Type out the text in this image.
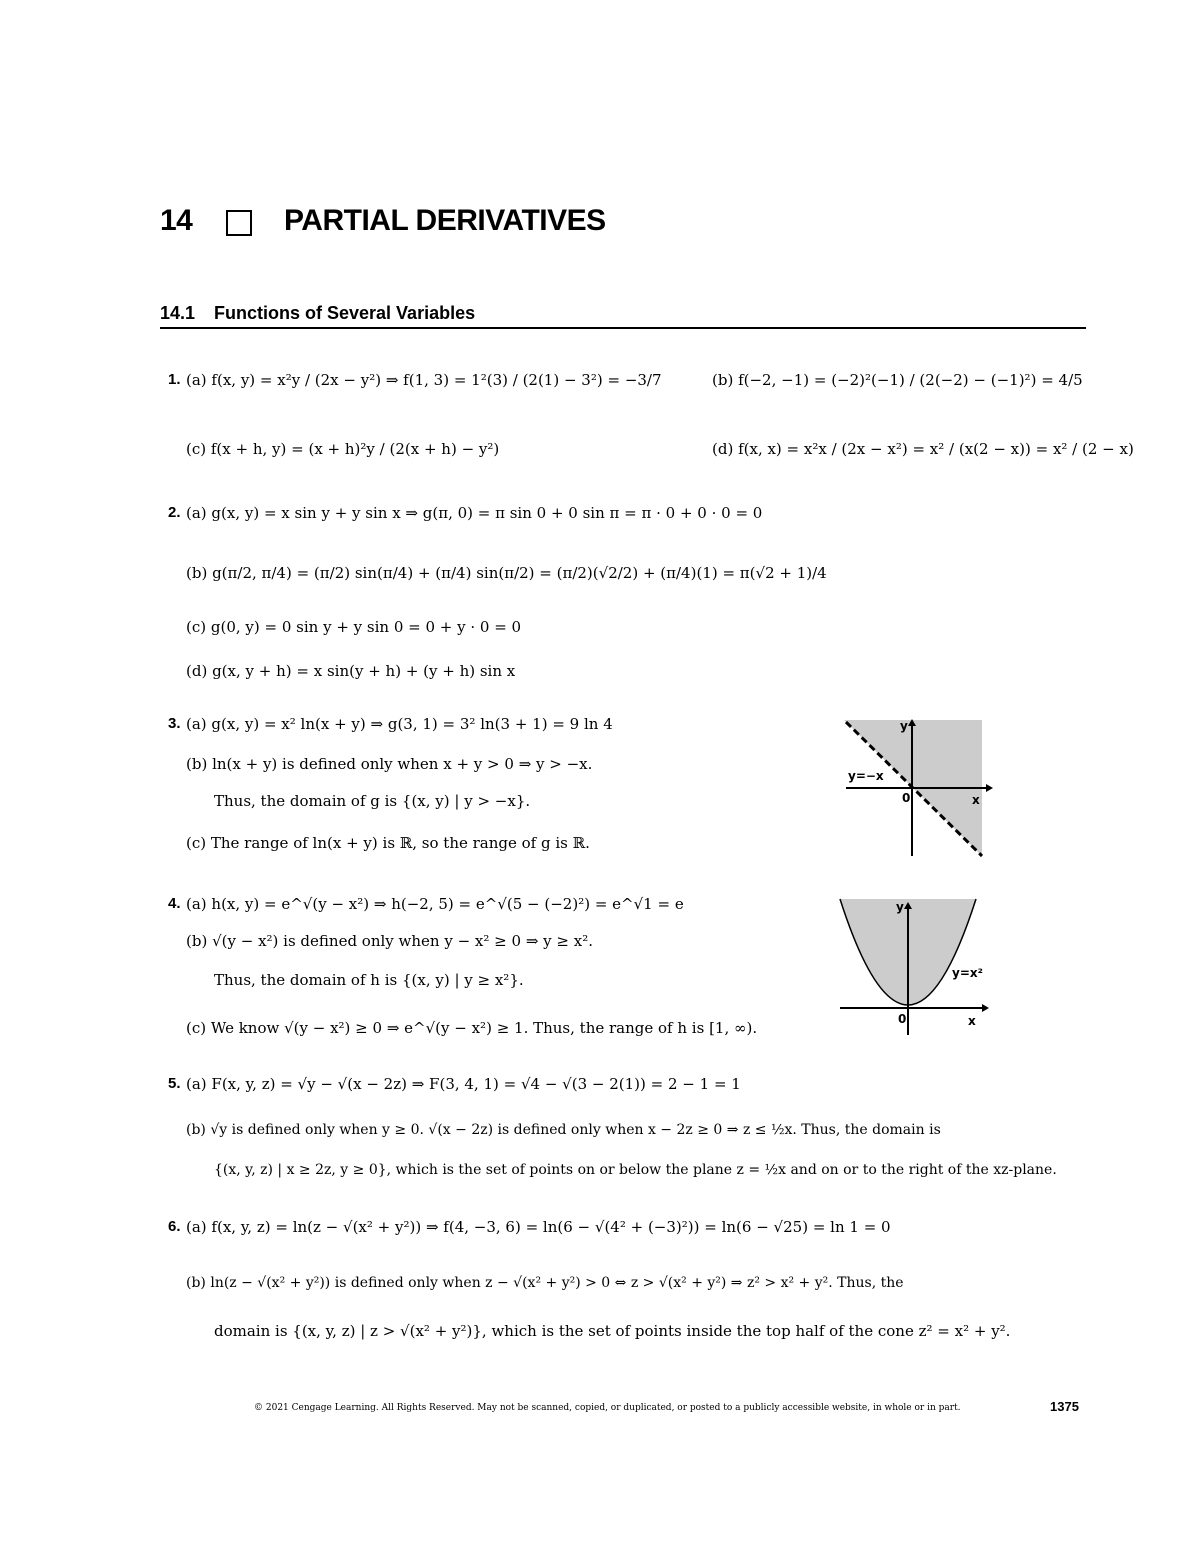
14	PARTIAL DERIVATIVES
14.1 Functions of Several Variables
1. (a) f(x, y) = x²y / (2x − y²) ⇒ f(1, 3) = 1²(3) / (2(1) − 3²) = −3/7	(b) f(−2, −1) = (−2)²(−1) / (2(−2) − (−1)²) = 4/5
(c) f(x + h, y) = (x + h)²y / (2(x + h) − y²)	(d) f(x, x) = x²x / (2x − x²) = x² / (x(2 − x)) = x² / (2 − x)
2. (a) g(x, y) = x sin y + y sin x ⇒ g(π, 0) = π sin 0 + 0 sin π = π · 0 + 0 · 0 = 0
(b) g(π/2, π/4) = (π/2) sin(π/4) + (π/4) sin(π/2) = (π/2)(√2/2) + (π/4)(1) = π(√2 + 1)/4
(c) g(0, y) = 0 sin y + y sin 0 = 0 + y · 0 = 0
(d) g(x, y + h) = x sin(y + h) + (y + h) sin x
3. (a) g(x, y) = x² ln(x + y) ⇒ g(3, 1) = 3² ln(3 + 1) = 9 ln 4
(b) ln(x + y) is defined only when x + y > 0 ⇒ y > −x.
Thus, the domain of g is {(x, y) | y > −x}.
(c) The range of ln(x + y) is ℝ, so the range of g is ℝ.
y
x
0
y=−x
4. (a) h(x, y) = e^√(y − x²) ⇒ h(−2, 5) = e^√(5 − (−2)²) = e^√1 = e
(b) √(y − x²) is defined only when y − x² ≥ 0 ⇒ y ≥ x².
Thus, the domain of h is {(x, y) | y ≥ x²}.
(c) We know √(y − x²) ≥ 0 ⇒ e^√(y − x²) ≥ 1. Thus, the range of h is [1, ∞).
y
x
0
y=x²
5. (a) F(x, y, z) = √y − √(x − 2z) ⇒ F(3, 4, 1) = √4 − √(3 − 2(1)) = 2 − 1 = 1
(b) √y is defined only when y ≥ 0. √(x − 2z) is defined only when x − 2z ≥ 0 ⇒ z ≤ ½x. Thus, the domain is
{(x, y, z) | x ≥ 2z, y ≥ 0}, which is the set of points on or below the plane z = ½x and on or to the right of the xz-plane.
6. (a) f(x, y, z) = ln(z − √(x² + y²)) ⇒ f(4, −3, 6) = ln(6 − √(4² + (−3)²)) = ln(6 − √25) = ln 1 = 0
(b) ln(z − √(x² + y²)) is defined only when z − √(x² + y²) > 0 ⇔ z > √(x² + y²) ⇒ z² > x² + y². Thus, the
domain is {(x, y, z) | z > √(x² + y²)}, which is the set of points inside the top half of the cone z² = x² + y².
© 2021 Cengage Learning. All Rights Reserved. May not be scanned, copied, or duplicated, or posted to a publicly accessible website, in whole or in part.	1375
